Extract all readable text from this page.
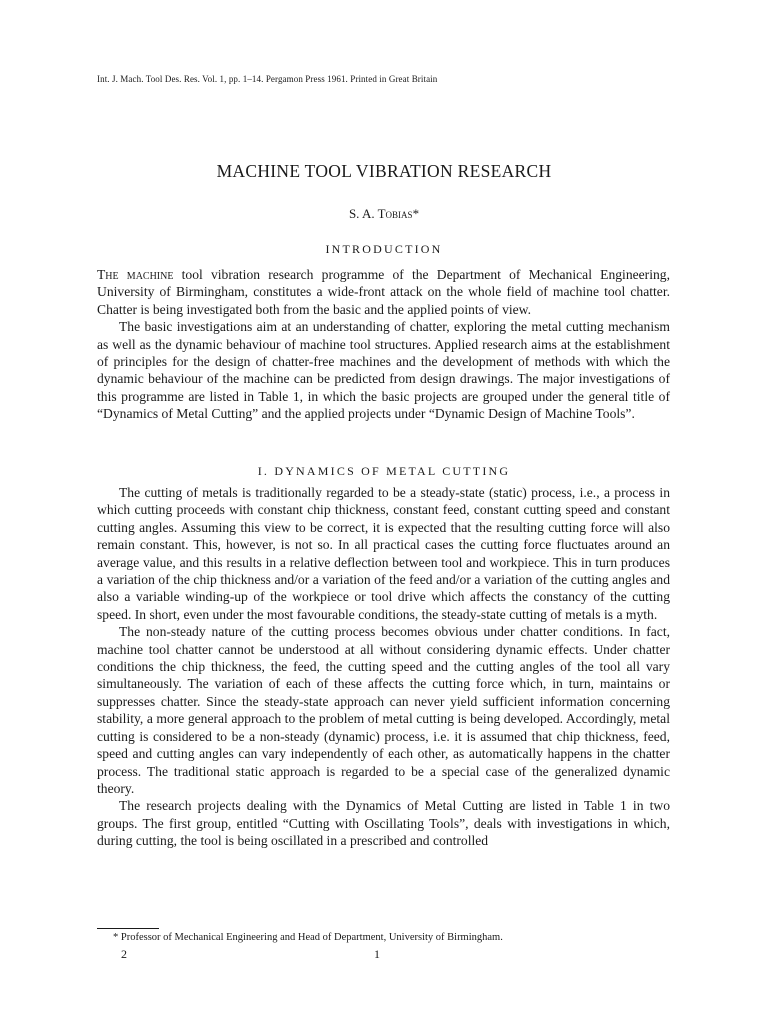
Int. J. Mach. Tool Des. Res. Vol. 1, pp. 1–14. Pergamon Press 1961. Printed in Great Britain
MACHINE TOOL VIBRATION RESEARCH
S. A. Tobias*
INTRODUCTION

The machine tool vibration research programme of the Department of Mechanical Engineering, University of Birmingham, constitutes a wide-front attack on the whole field of machine tool chatter. Chatter is being investigated both from the basic and the applied points of view.

The basic investigations aim at an understanding of chatter, exploring the metal cutting mechanism as well as the dynamic behaviour of machine tool structures. Applied research aims at the establishment of principles for the design of chatter-free machines and the development of methods with which the dynamic behaviour of the machine can be predicted from design drawings. The major investigations of this programme are listed in Table 1, in which the basic projects are grouped under the general title of “Dynamics of Metal Cutting” and the applied projects under “Dynamic Design of Machine Tools”.

I. DYNAMICS OF METAL CUTTING

The cutting of metals is traditionally regarded to be a steady-state (static) process, i.e., a process in which cutting proceeds with constant chip thickness, constant feed, constant cutting speed and constant cutting angles. Assuming this view to be correct, it is expected that the resulting cutting force will also remain constant. This, however, is not so. In all practical cases the cutting force fluctuates around an average value, and this results in a relative deflection between tool and workpiece. This in turn produces a variation of the chip thickness and/or a variation of the feed and/or a variation of the cutting angles and also a variable winding-up of the workpiece or tool drive which affects the constancy of the cutting speed. In short, even under the most favourable conditions, the steady-state cutting of metals is a myth.

The non-steady nature of the cutting process becomes obvious under chatter conditions. In fact, machine tool chatter cannot be understood at all without considering dynamic effects. Under chatter conditions the chip thickness, the feed, the cutting speed and the cutting angles of the tool all vary simultaneously. The variation of each of these affects the cutting force which, in turn, maintains or suppresses chatter. Since the steady-state approach can never yield sufficient information concerning stability, a more general approach to the problem of metal cutting is being developed. Accordingly, metal cutting is considered to be a non-steady (dynamic) process, i.e. it is assumed that chip thickness, feed, speed and cutting angles can vary independently of each other, as automatically happens in the chatter process. The traditional static approach is regarded to be a special case of the generalized dynamic theory.

The research projects dealing with the Dynamics of Metal Cutting are listed in Table 1 in two groups. The first group, entitled “Cutting with Oscillating Tools”, deals with investigations in which, during cutting, the tool is being oscillated in a prescribed and controlled

* Professor of Mechanical Engineering and Head of Department, University of Birmingham.
2	1
